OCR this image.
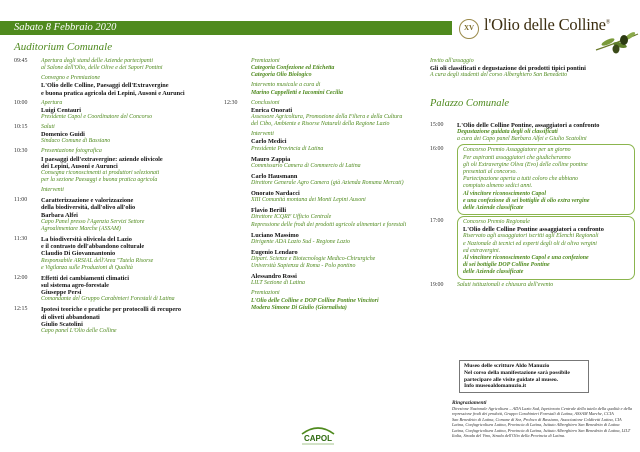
Sabato 8 Febbraio 2020	XV l'Olio delle Colline®
Auditorium Comunale
09:45	Apertura degli stand delle Aziende partecipanti
al Salone dell'Olio, delle Olive e dei Sapori Pontini
Convegno e Premiazione
L'Olio delle Colline, Paesaggi dell'Extravergine
e buona pratica agricola dei Lepini, Ausoni e Aurunci
10:00	Apertura
Luigi Centauri
Presidente Capol e Coordinatore del Concorso
10:15	Saluti
Domenico Guidi
Sindaco Comune di Bassiano
10:30	Presentazione fotografica
I paesaggi dell'extravergine: aziende olivicole
dei Lepini, Ausoni e Aurunci
Consegna riconoscimenti ai produttori selezionati
per la sezione Paesaggi e buona pratica agricola
Interventi
11:00	Caratterizzazione e valorizzazione
della biodiversità, dall'olivo all'olio
Barbara Alfei
Capo Panel presso l'Agenzia Servizi Settore
Agroalimentare Marche (ASSAM)
11:30	La biodiversità olivicola del Lazio
e il contrasto dell'abbandono colturale
Claudio Di Giovannantonio
Responsabile ARSIAL dell'Area "Tutela Risorse
e Vigilanza sulle Produzioni di Qualità
12:00	Effetti dei cambiamenti climatici
sul sistema agro-forestale
Giuseppe Persi
Comandante del Gruppo Carabinieri Forestali di Latina
12:15	Ipotesi teoriche e pratiche per protocolli di recupero
di oliveti abbandonati
Giulio Scatolini
Capo panel L'Olio delle Colline
Premiazioni
Categoria Confezione ed Etichetta
Categoria Olio Biologico
Intervento musicale a cura di
Marino Cappelletti e Iacomini Cecilia
12:30	Conclusioni
Enrica Onorati
Assessore Agricoltura, Promozione della Filiera e della Cultura
del Cibo, Ambiente e Risorse Naturali della Regione Lazio
Interventi
Carlo Medici
Presidente Provincia di Latina
Mauro Zappia
Commissario Camera di Commercio di Latina
Carlo Hausmann
Direttore Generale Agro Camera (già Azienda Romana Mercati)
Onorato Nardacci
XIII Comunità montana dei Monti Lepini Ausoni
Flavio Berilli
Direttore ICQRF Ufficio Centrale
Repressione delle frodi dei prodotti agricole alimentari e forestali
Luciano Massimo
Dirigente ADA Lazio Sud - Regione Lazio
Eugenio Lendaro
Dipart. Scienze e Biotecnologie Medico-Chirurgiche
Università Sapienza di Roma - Polo pontino
Alessandro Rossi
LILT Sezione di Latina
Premiazioni
L'Olio delle Colline e DOP Colline Pontine Vincitori
Modera Simone Di Giulio (Giornalista)
Invito all'assaggio
Gli oli classificati e degustazione dei prodotti tipici pontini
A cura degli studenti del corso Alberghiero San Benedetto
Palazzo Comunale
15:00	L'Olio delle Colline Pontine, assaggiatori a confronto
Degustazione guidata degli oli classificati
a cura dei Capo panel Barbara Alfei e Giulio Scatolini
16:00	Concorso Premio Assaggiatore per un giorno
Per aspiranti assaggiatori che giudicheranno
gli oli Extravergine Oliva (Evo) delle colline pontine
presentati al concorso.
Partecipazione aperta a tutti coloro che abbiano
compiuto almeno sedici anni.
Al vincitore riconoscimento Capol
e una confezione di sei bottiglie di olio extra vergine
delle Aziende classificate
17:00	Concorso Premio Regionale
L'Olio delle Colline Pontine assaggiatori a confronto
Riservato agli assaggiatori iscritti agli Elenchi Regionali
e Nazionale di tecnici ed esperti degli oli di oliva vergini
ed extravergini.
Al vincitore riconoscimento Capol e una confezione
di sei bottiglie DOP Colline Pontine
delle Aziende classificate
19:00	Saluti istituzionali e chiusura dell'evento
Museo delle scritture Aldo Manuzio
Nel corso della manifestazione sarà possibile
partecipare alle visite guidate al museo.
Info museoaldomanuzio.it
Ringraziamenti
Direzione Nazionale Agricoltura – ADA Lazio Sud, Ispettorato Centrale della tutela della qualità e della repressione frodi dei prodotti, Gruppo Carabinieri Forestali di Latina, ASSAM Marche, CCIA
San Benedetto di Latina, Comune di Sez, Proloco di Bassiano, Associazione Coldiretti Latina, CIA
Latina, Confagricoltura Latina, Provincia di Latina, Istituto Alberghiero San Benedetto di Latina
Latina, Confagricoltura Latina, Provincia di Latina, Istituto Alberghiero San Benedetto di Latina, LILT
Italia, Strada del Vino, Strada dell'Olio della Provincia di Latina.
CAPOL
